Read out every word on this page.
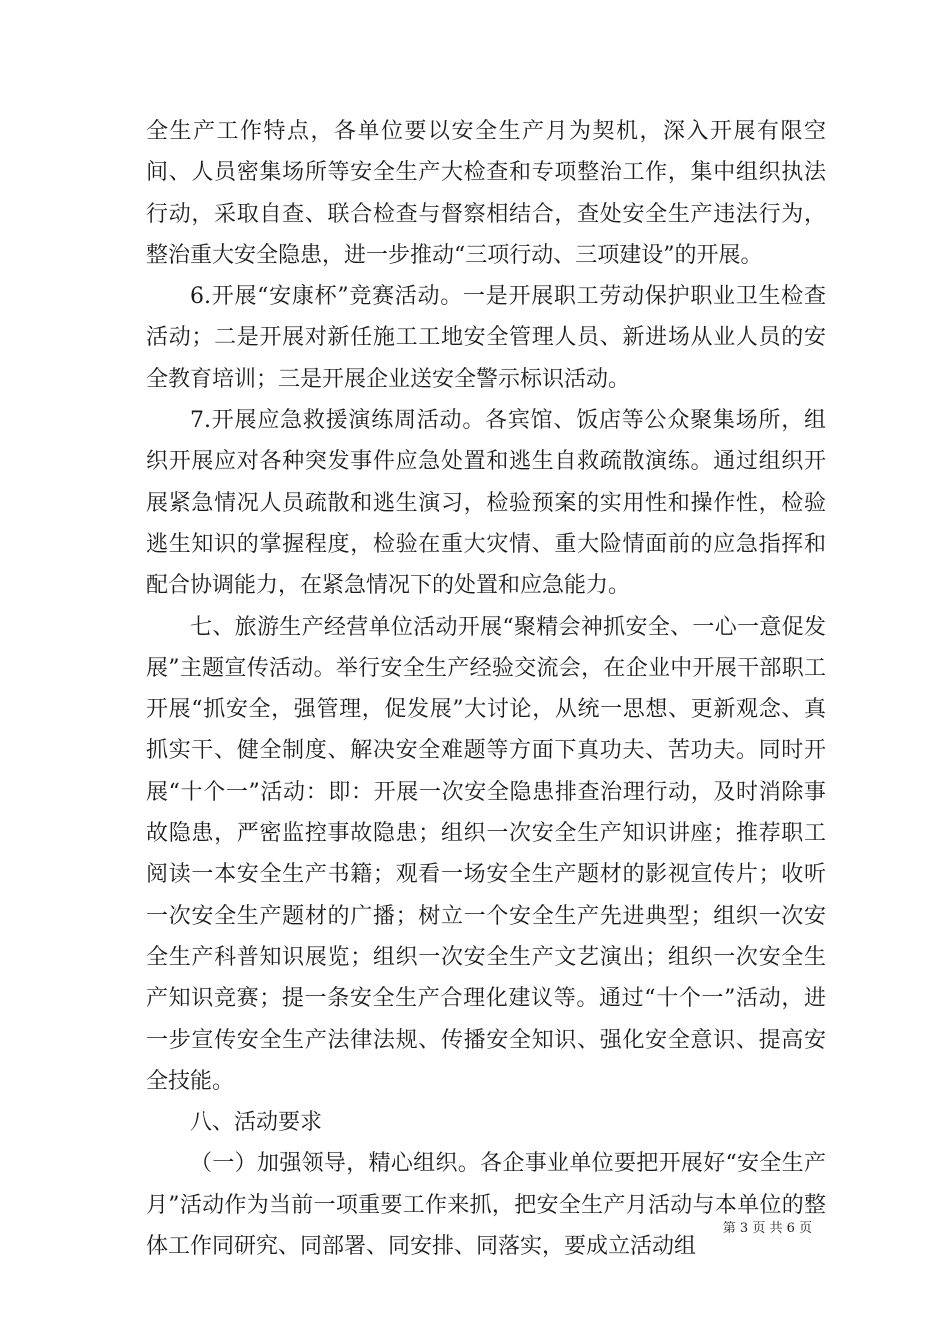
全生产工作特点，各单位要以安全生产月为契机，深入开展有限空间、人员密集场所等安全生产大检查和专项整治工作，集中组织执法行动，采取自查、联合检查与督察相结合，查处安全生产违法行为，整治重大安全隐患，进一步推动“三项行动、三项建设”的开展。

6.开展“安康杯”竞赛活动。一是开展职工劳动保护职业卫生检查活动；二是开展对新任施工工地安全管理人员、新进场从业人员的安全教育培训；三是开展企业送安全警示标识活动。

7.开展应急救援演练周活动。各宾馆、饭店等公众聚集场所，组织开展应对各种突发事件应急处置和逃生自救疏散演练。通过组织开展紧急情况人员疏散和逃生演习，检验预案的实用性和操作性，检验逃生知识的掌握程度，检验在重大灾情、重大险情面前的应急指挥和配合协调能力，在紧急情况下的处置和应急能力。

七、旅游生产经营单位活动开展“聚精会神抓安全、一心一意促发展”主题宣传活动。举行安全生产经验交流会，在企业中开展干部职工开展“抓安全，强管理，促发展”大讨论，从统一思想、更新观念、真抓实干、健全制度、解决安全难题等方面下真功夫、苦功夫。同时开展“十个一”活动：即：开展一次安全隐患排查治理行动，及时消除事故隐患，严密监控事故隐患；组织一次安全生产知识讲座；推荐职工阅读一本安全生产书籍；观看一场安全生产题材的影视宣传片；收听一次安全生产题材的广播；树立一个安全生产先进典型；组织一次安全生产科普知识展览；组织一次安全生产文艺演出；组织一次安全生产知识竞赛；提一条安全生产合理化建议等。通过“十个一”活动，进一步宣传安全生产法律法规、传播安全知识、强化安全意识、提高安全技能。

八、活动要求

（一）加强领导，精心组织。各企事业单位要把开展好“安全生产月”活动作为当前一项重要工作来抓，把安全生产月活动与本单位的整体工作同研究、同部署、同安排、同落实，要成立活动组

第 3 页 共 6 页
